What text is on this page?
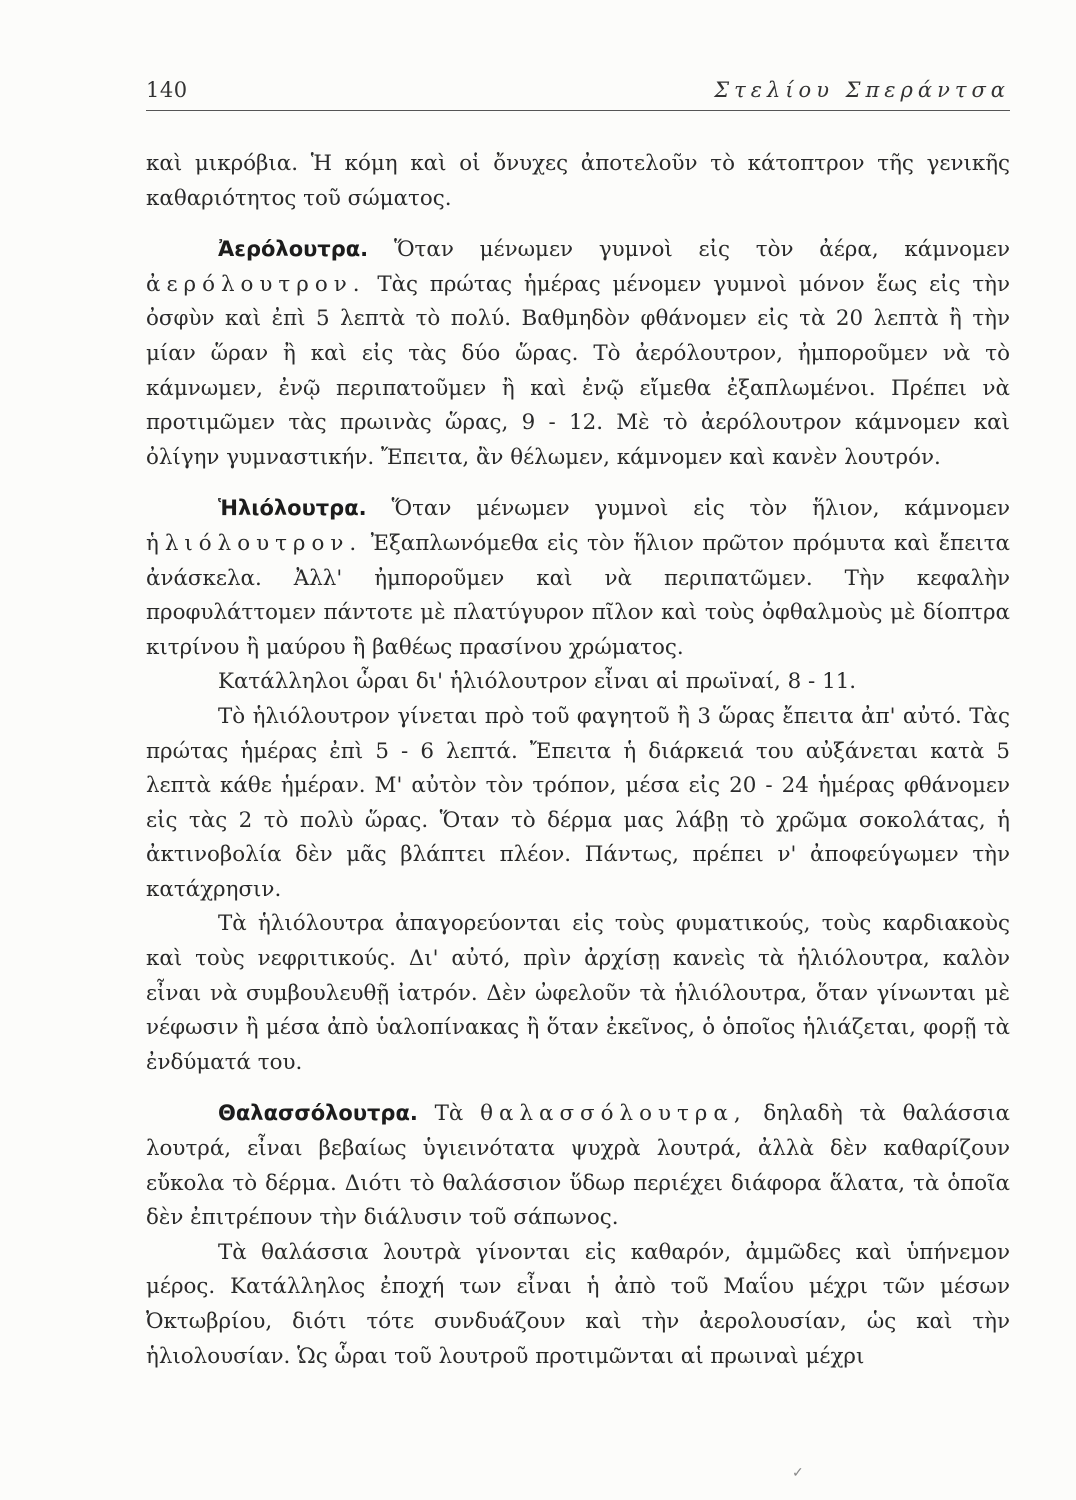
140	Στελίου Σπεράντσα

καὶ μικρόβια. Ἡ κόμη καὶ οἱ ὄνυχες ἀποτελοῦν τὸ κάτοπτρον τῆς γενικῆς καθαριότητος τοῦ σώματος.

Ἀερόλουτρα. Ὅταν μένωμεν γυμνοὶ εἰς τὸν ἀέρα, κάμνομεν ἀερόλουτρον. Τὰς πρώτας ἡμέρας μένομεν γυμνοὶ μόνον ἕως εἰς τὴν ὀσφὺν καὶ ἐπὶ 5 λεπτὰ τὸ πολύ. Βαθμηδὸν φθάνομεν εἰς τὰ 20 λεπτὰ ἢ τὴν μίαν ὥραν ἢ καὶ εἰς τὰς δύο ὥρας. Τὸ ἀερόλουτρον, ἠμποροῦμεν νὰ τὸ κάμνωμεν, ἐνῷ περιπατοῦμεν ἢ καὶ ἐνῷ εἴμεθα ἐξαπλωμένοι. Πρέπει νὰ προτιμῶμεν τὰς πρωινὰς ὥρας, 9 - 12. Μὲ τὸ ἀερόλουτρον κάμνομεν καὶ ὀλίγην γυμναστικήν. Ἔπειτα, ἂν θέλωμεν, κάμνομεν καὶ κανὲν λουτρόν.

Ἡλιόλουτρα. Ὅταν μένωμεν γυμνοὶ εἰς τὸν ἥλιον, κάμνομεν ἡλιόλουτρον. Ἐξαπλωνόμεθα εἰς τὸν ἥλιον πρῶτον πρόμυτα καὶ ἔπειτα ἀνάσκελα. Ἀλλ' ἠμποροῦμεν καὶ νὰ περιπατῶμεν. Τὴν κεφαλὴν προφυλάττομεν πάντοτε μὲ πλατύγυρον πῖλον καὶ τοὺς ὀφθαλμοὺς μὲ δίοπτρα κιτρίνου ἢ μαύρου ἢ βαθέως πρασίνου χρώματος.

Κατάλληλοι ὧραι δι' ἡλιόλουτρον εἶναι αἱ πρωϊναί, 8 - 11.

Τὸ ἡλιόλουτρον γίνεται πρὸ τοῦ φαγητοῦ ἢ 3 ὥρας ἔπειτα ἀπ' αὐτό. Τὰς πρώτας ἡμέρας ἐπὶ 5 - 6 λεπτά. Ἔπειτα ἡ διάρκειά του αὐξάνεται κατὰ 5 λεπτὰ κάθε ἡμέραν. Μ' αὐτὸν τὸν τρόπον, μέσα εἰς 20 - 24 ἡμέρας φθάνομεν εἰς τὰς 2 τὸ πολὺ ὥρας. Ὅταν τὸ δέρμα μας λάβῃ τὸ χρῶμα σοκολάτας, ἡ ἀκτινοβολία δὲν μᾶς βλάπτει πλέον. Πάντως, πρέπει ν' ἀποφεύγωμεν τὴν κατάχρησιν.

Τὰ ἡλιόλουτρα ἀπαγορεύονται εἰς τοὺς φυματικούς, τοὺς καρδιακοὺς καὶ τοὺς νεφριτικούς. Δι' αὐτό, πρὶν ἀρχίσῃ κανεὶς τὰ ἡλιόλουτρα, καλὸν εἶναι νὰ συμβουλευθῇ ἰατρόν. Δὲν ὠφελοῦν τὰ ἡλιόλουτρα, ὅταν γίνωνται μὲ νέφωσιν ἢ μέσα ἀπὸ ὑαλοπίνακας ἢ ὅταν ἐκεῖνος, ὁ ὁποῖος ἡλιάζεται, φορῇ τὰ ἐνδύματά του.

Θαλασσόλουτρα. Τὰ θαλασσόλουτρα, δηλαδὴ τὰ θαλάσσια λουτρά, εἶναι βεβαίως ὑγιεινότατα ψυχρὰ λουτρά, ἀλλὰ δὲν καθαρίζουν εὔκολα τὸ δέρμα. Διότι τὸ θαλάσσιον ὕδωρ περιέχει διάφορα ἅλατα, τὰ ὁποῖα δὲν ἐπιτρέπουν τὴν διάλυσιν τοῦ σάπωνος.

Τὰ θαλάσσια λουτρὰ γίνονται εἰς καθαρόν, ἀμμῶδες καὶ ὑπήνεμον μέρος. Κατάλληλος ἐποχή των εἶναι ἡ ἀπὸ τοῦ Μαΐου μέχρι τῶν μέσων Ὀκτωβρίου, διότι τότε συνδυάζουν καὶ τὴν ἀερολουσίαν, ὡς καὶ τὴν ἡλιολουσίαν. Ὡς ὧραι τοῦ λουτροῦ προτιμῶνται αἱ πρωιναὶ μέχρι

✓
